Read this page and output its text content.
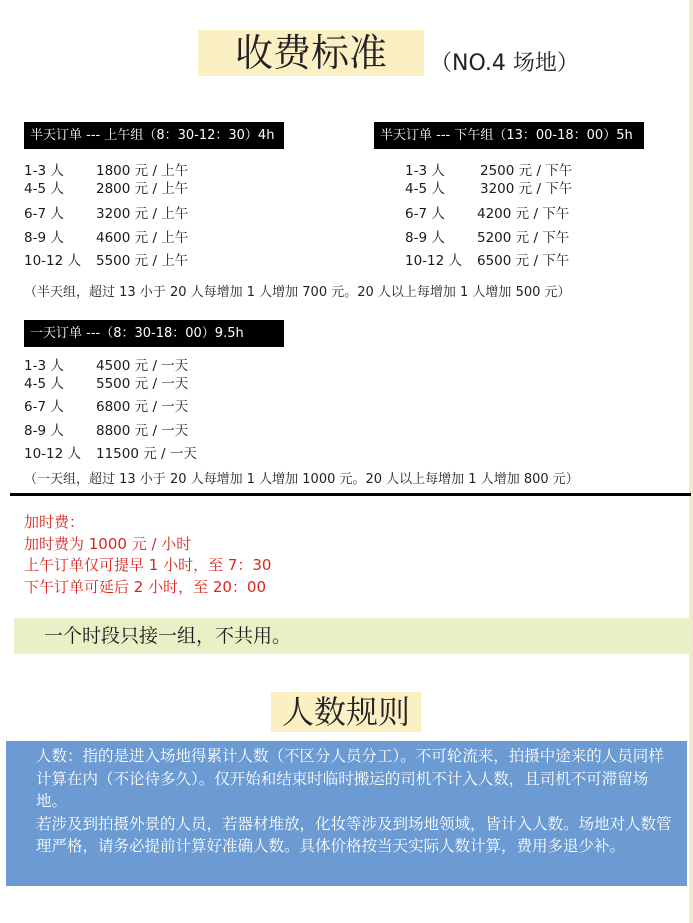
收费标准	（NO.4 场地）
半天订单 --- 上午组（8：30-12：30）4h
1-3 人	1800 元 / 上午
4-5 人	2800 元 / 上午
6-7 人	3200 元 / 上午
8-9 人	4600 元 / 上午
10-12 人	5500 元 / 上午
半天订单 --- 下午组（13：00-18：00）5h
1-3 人	2500 元 / 下午
4-5 人	3200 元 / 下午
6-7 人	4200 元 / 下午
8-9 人	5200 元 / 下午
10-12 人	6500 元 / 下午
（半天组，超过 13 小于 20 人每增加 1 人增加 700 元。20 人以上每增加 1 人增加 500 元）
一天订单 ---（8：30-18：00）9.5h
1-3 人	4500 元 / 一天
4-5 人	5500 元 / 一天
6-7 人	6800 元 / 一天
8-9 人	8800 元 / 一天
10-12 人	11500 元 / 一天
（一天组，超过 13 小于 20 人每增加 1 人增加 1000 元。20 人以上每增加 1 人增加 800 元）
加时费：
加时费为 1000 元 / 小时
上午订单仅可提早 1 小时，至 7：30
下午订单可延后 2 小时，至 20：00
一个时段只接一组，不共用。
人数规则

人数：指的是进入场地得累计人数（不区分人员分工）。不可轮流来，拍摄中途来的人员同样计算在内（不论待多久）。仅开始和结束时临时搬运的司机不计入人数，且司机不可滞留场地。

若涉及到拍摄外景的人员，若器材堆放，化妆等涉及到场地领域，皆计入人数。场地对人数管理严格，请务必提前计算好准确人数。具体价格按当天实际人数计算，费用多退少补。
